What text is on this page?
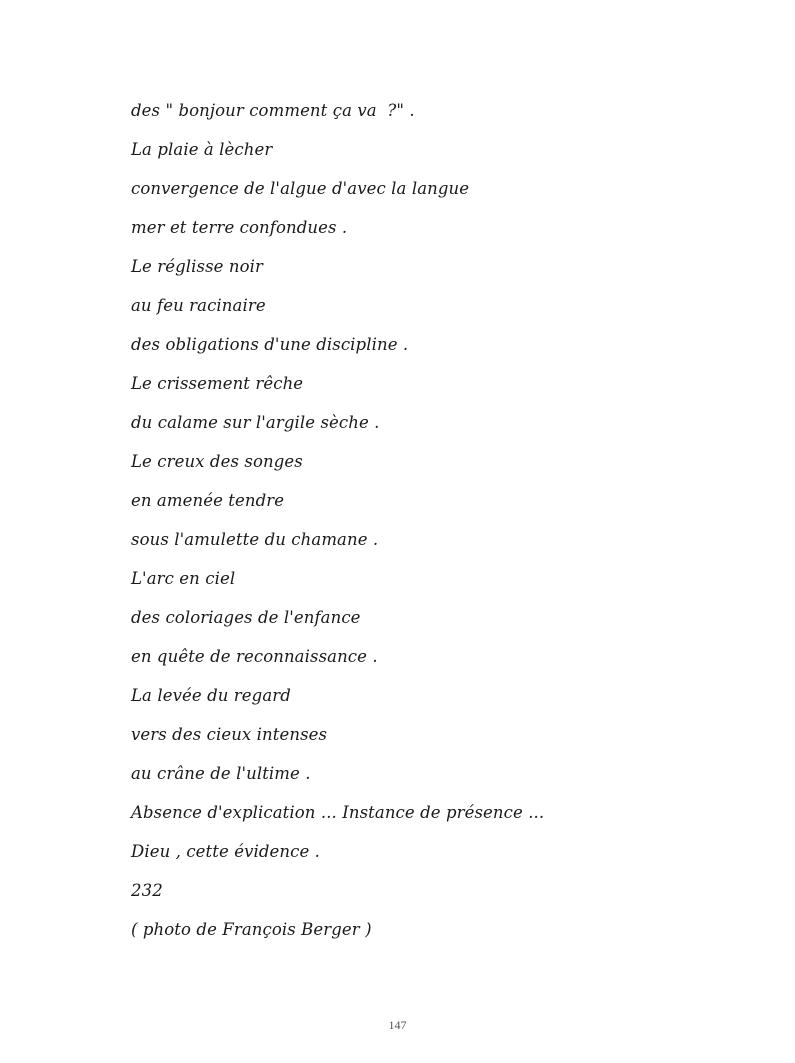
des " bonjour comment ça va  ?" .
La plaie à lècher
convergence de l'algue d'avec la langue
mer et terre confondues .
Le réglisse noir
au feu racinaire
des obligations d'une discipline .
Le crissement rêche
du calame sur l'argile sèche .
Le creux des songes
en amenée tendre
sous l'amulette du chamane .
L'arc en ciel
des coloriages de l'enfance
en quête de reconnaissance .
La levée du regard
vers des cieux intenses
au crâne de l'ultime .
Absence d'explication ... Instance de présence ...
Dieu , cette évidence .
232
( photo de François Berger )
147
